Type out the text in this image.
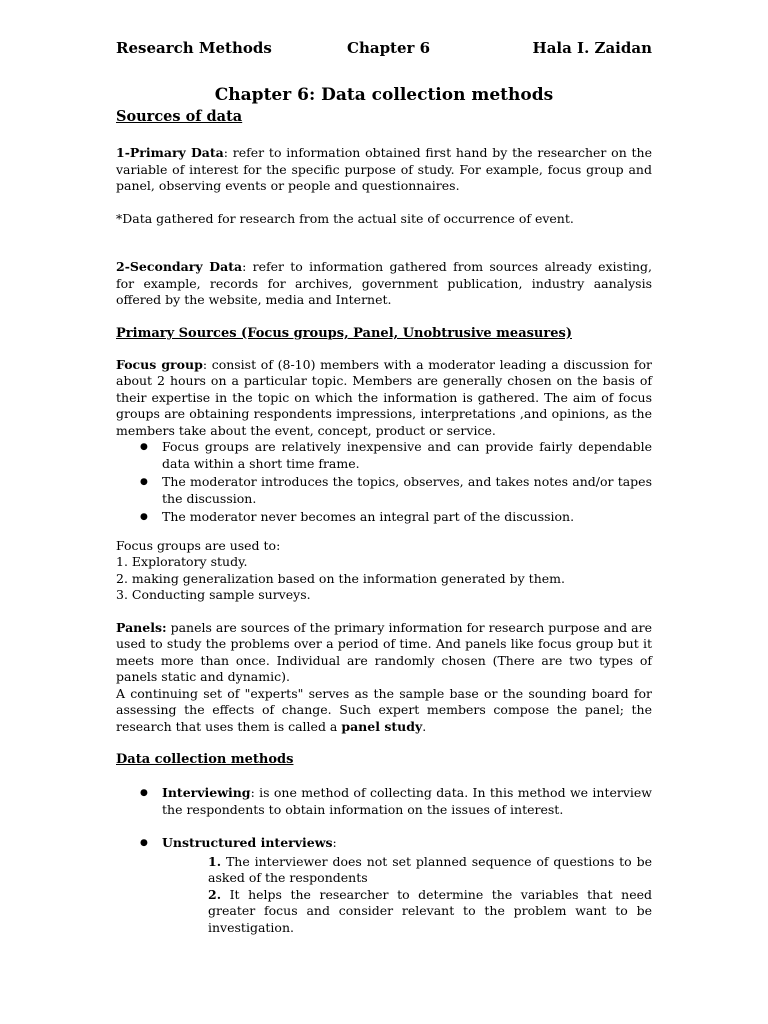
Research Methods	Chapter 6	Hala I. Zaidan
Chapter 6: Data collection methods
Sources of data

1-Primary Data: refer to information obtained first hand by the researcher on the variable of interest for the specific purpose of study. For example, focus group and panel, observing events or people and questionnaires.

*Data gathered for research from the actual site of occurrence of event.

2-Secondary Data: refer to information gathered from sources already existing, for example, records for archives, government publication, industry aanalysis offered by the website, media and Internet.

Primary Sources (Focus groups, Panel, Unobtrusive measures)

Focus group: consist of (8-10) members with a moderator leading a discussion for about 2 hours on a particular topic. Members are generally chosen on the basis of their expertise in the topic on which the information is gathered. The aim of focus groups are obtaining respondents impressions, interpretations ,and opinions, as the members take about the event, concept, product or service.

● Focus groups are relatively inexpensive and can provide fairly dependable data within a short time frame.
● The moderator introduces the topics, observes, and takes notes and/or tapes the discussion.
● The moderator never becomes an integral part of the discussion.

Focus groups are used to:

1. Exploratory study.

2. making generalization based on the information generated by them.

3. Conducting sample surveys.

Panels: panels are sources of the primary information for research purpose and are used to study the problems over a period of time. And panels like focus group but it meets more than once. Individual are randomly chosen (There are two types of panels static and dynamic).

A continuing set of "experts" serves as the sample base or the sounding board for assessing the effects of change. Such expert members compose the panel; the research that uses them is called a panel study.

Data collection methods
● Interviewing: is one method of collecting data. In this method we interview the respondents to obtain information on the issues of interest.
● Unstructured interviews:

1. The interviewer does not set planned sequence of questions to be asked of the respondents

2. It helps the researcher to determine the variables that need greater focus and consider relevant to the problem want to be investigation.
